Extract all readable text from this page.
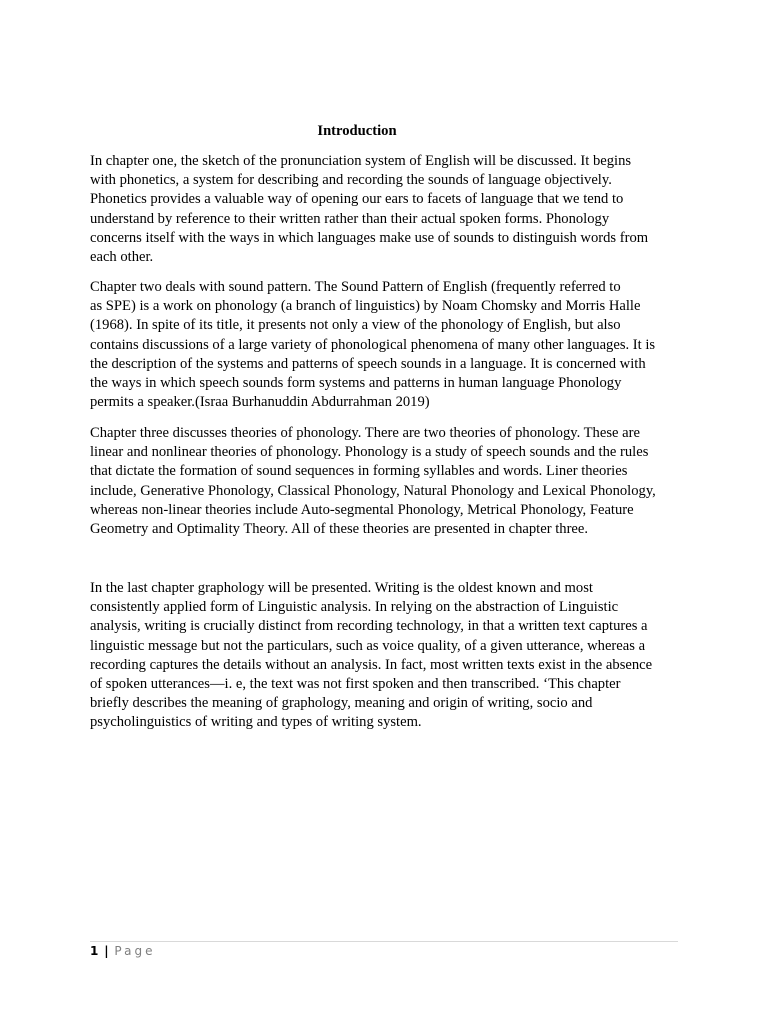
Introduction

In chapter one, the sketch of the pronunciation system of English will be discussed. It begins
with phonetics, a system for describing and recording the sounds of language objectively.
Phonetics provides a valuable way of opening our ears to facets of language that we tend to
understand by reference to their written rather than their actual spoken forms. Phonology
concerns itself with the ways in which languages make use of sounds to distinguish words from
each other.

Chapter two deals with sound pattern. The Sound Pattern of English (frequently referred to
as SPE) is a work on phonology (a branch of linguistics) by Noam Chomsky and Morris Halle
(1968). In spite of its title, it presents not only a view of the phonology of English, but also
contains discussions of a large variety of phonological phenomena of many other languages. It is
the description of the systems and patterns of speech sounds in a language. It is concerned with
the ways in which speech sounds form systems and patterns in human language Phonology
permits a speaker.(Israa Burhanuddin Abdurrahman 2019)

Chapter three discusses theories of phonology. There are two theories of phonology. These are
linear and nonlinear theories of phonology. Phonology is a study of speech sounds and the rules
that dictate the formation of sound sequences in forming syllables and words. Liner theories
include, Generative Phonology, Classical Phonology, Natural Phonology and Lexical Phonology,
whereas non-linear theories include Auto-segmental Phonology, Metrical Phonology, Feature
Geometry and Optimality Theory. All of these theories are presented in chapter three.

In the last chapter graphology will be presented. Writing is the oldest known and most
consistently applied form of Linguistic analysis. In relying on the abstraction of Linguistic
analysis, writing is crucially distinct from recording technology, in that a written text captures a
linguistic message but not the particulars, such as voice quality, of a given utterance, whereas a
recording captures the details without an analysis. In fact, most written texts exist in the absence
of spoken utterances—i. e, the text was not first spoken and then transcribed. ‘This chapter
briefly describes the meaning of graphology, meaning and origin of writing, socio and
psycholinguistics of writing and types of writing system.

1 | Page
